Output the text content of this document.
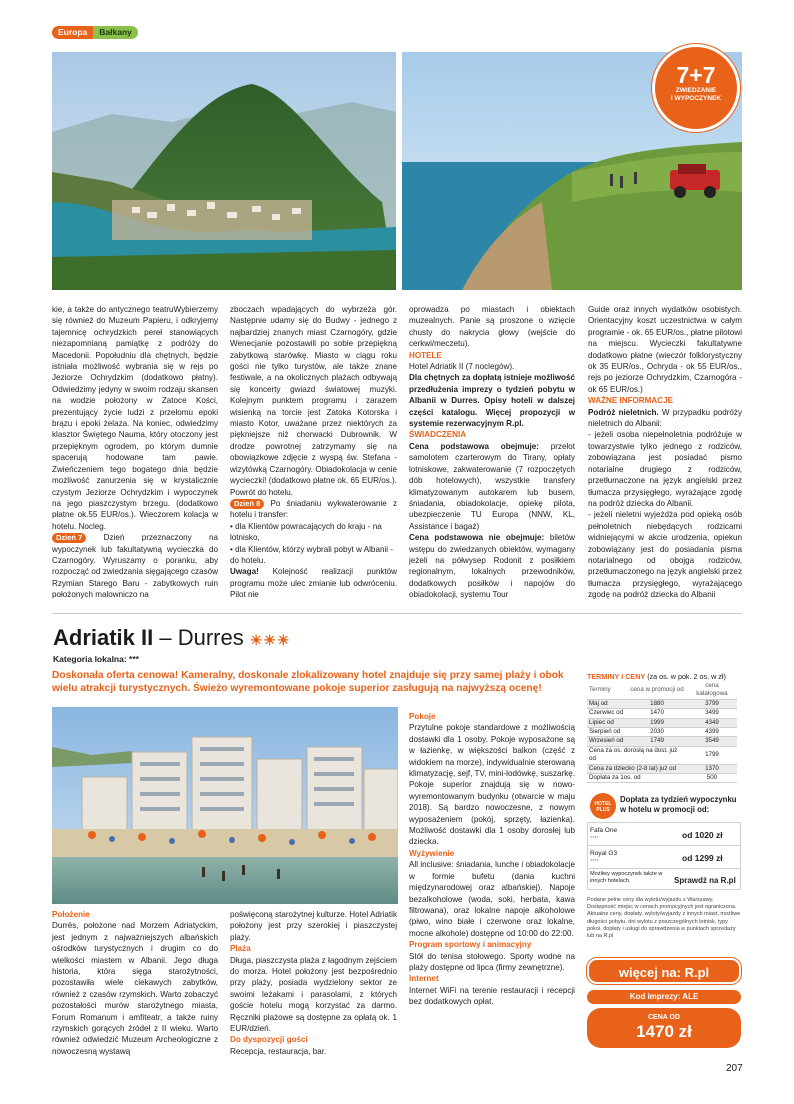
Europa	Bałkany
7+7
ZWIEDZANIE
I WYPOCZYNEK

kie, a także do antycznego teatruWybierzemy się również do Muzeum Papieru, i odkryjemy tajemnicę ochrydzkich pereł stanowiących niezapomnianą pamiątkę z podróży do Macedonii. Popołudniu dla chętnych, będzie istniała możliwość wybrania się w rejs po Jeziorze Ochrydzkim (dodatkowo płatny). Odwiedzimy jedyny w swoim rodzaju skansen na wodzie położony w Zatoce Kości, prezentujący życie ludzi z przełomu epoki brązu i epoki żelaza. Na koniec, odwiedzimy klasztor Świętego Nauma, który otoczony jest przepięknym ogrodem, po którym dumnie spacerują hodowane tam pawie. Zwieńczeniem tego bogatego dnia będzie możliwość zanurzenia się w krystalicznie czystym Jeziorze Ochrydzkim i wypoczynek na jego piaszczystym brzegu. (dodatkowo płatne ok.55 EUR/os.). Wieczorem kolacja w hotelu. Nocleg.

Dzień 7	Dzień przeznaczony na wypoczynek lub fakultatywną wycieczka do Czarnogóry. Wyruszamy o poranku, aby rozpocząć od zwiedzania sięgającego czasów Rzymian Starego Baru - zabytkowych ruin położonych malowniczo na

zboczach wpadających do wybrzeża gór. Następnie udamy się do Budwy - jednego z najbardziej znanych miast Czarnogóry, gdzie Wenecjanie pozostawili po sobie przepiękną zabytkową starówkę. Miasto w ciągu roku gości nie tylko turystów, ale także znane festiwale, a na okolicznych plażach odbywają się koncerty gwiazd światowej muzyki. Kolejnym punktem programu i zarazem wisienką na torcie jest Zatoka Kotorska i miasto Kotor, uważane przez niektórych za piękniejsze niż chorwacki Dubrownik. W drodze powrotnej zatrzymamy się na obowiązkowe zdjęcie z wyspą św. Stefana - wizytówką Czarnogóry. Obiadokolacja w cenie wycieczki! (dodatkowo płatne ok. 65 EUR/os.). Powrót do hotelu.

Dzień 8 Po śniadaniu wykwaterowanie z hotelu i transfer:

• dla Klientów powracających do kraju - na lotnisko,

• dla Klientów, którzy wybrali pobyt w Albanii - do hotelu.

Uwaga! Kolejność realizacji punktów programu może ulec zmianie lub odwróceniu. Pilot nie

oprowadza po miastach i obiektach muzealnych. Panie są proszone o wzięcie chusty do nakrycia głowy (wejście do cerkwi/meczetu).

HOTELE

Hotel Adriatik II (7 noclegów).

Dla chętnych za dopłatą istnieje możliwość przedłużenia imprezy o tydzień pobytu w Albanii w Durres. Opisy hoteli w dalszej części katalogu. Więcej propozycji w systemie rezerwacyjnym R.pl.

ŚWIADCZENIA

Cena podstawowa obejmuje: przelot samolotem czarterowym do Tirany, opłaty lotniskowe, zakwaterowanie (7 rozpoczętych dób hotelowych), wszystkie transfery klimatyzowanym autokarem lub busem, śniadania, obiadokolacje, opiekę pilota, ubezpieczenie TU Europa (NNW, KL, Assistance i bagaż)

Cena podstawowa nie obejmuje: biletów wstępu do zwiedzanych obiektów, wymagany jeżeli na półwysep Rodonit z posiłkiem regionalnym, lokalnych przewodników, dodatkowych posiłków i napojów do obiadokolacji, systemu Tour

Guide oraz innych wydatków osobistych. Orientacyjny koszt uczestnictwa w całym programie - ok. 65 EUR/os., płatne pilotowi na miejscu. Wycieczki fakultatywne dodatkowo płatne (wieczór folklorystyczny ok 35 EUR/os., Ochryda - ok 55 EUR/os., rejs po jeziorze Ochrydzkim, Czarnogóra - ok 65 EUR/os.)

WAŻNE INFORMACJE

Podróż nieletnich. W przypadku podróży nieletnich do Albanii:

- jeżeli osoba niepełnoletnia podróżuje w towarzystwie tylko jednego z rodziców, zobowiązana jest posiadać pismo notarialne drugiego z rodziców, przetłumaczone na język angielski przez tłumacza przysięgłego, wyrażające zgodę na podróż dziecka do Albanii.

- jeżeli nieletni wyjeżdża pod opieką osób pełnoletnich niebędących rodzicami widniejącymi w akcie urodzenia, opiekun zobowiązany jest do posiadania pisma notarialnego od obojga rodziców, przetłumaczonego na język angielski przez tłumacza przysięgłego, wyrażającego zgodę na podróż dziecka do Albanii

Adriatik II – Durres ☀☀☀
Kategoria lokalna: ***
Doskonała oferta cenowa! Kameralny, doskonale zlokalizowany hotel znajduje się przy samej plaży i obok wielu atrakcji turystycznych. Świeżo wyremontowane pokoje superior zasługują na najwyższą ocenę!

Położenie

Durrës, położone nad Morzem Adriatyckim, jest jednym z najważniejszych albańskich ośrodków turystycznych i drugim co do wielkości miastem w Albanii. Jego długa historia, która sięga starożytności, pozostawiła wiele ciekawych zabytków, również z czasów rzymskich. Warto zobaczyć pozostałości murów starożytnego miasta, Forum Romanum i amfiteatr, a także ruiny rzymskich gorących źródeł z II wieku. Warto również odwiedzić Muzeum Archeologiczne z nowoczesną wystawą

poświęconą starożytnej kulturze. Hotel Adriatik położony jest przy szerokiej i piaszczystej plaży.

Plaża

Długa, piaszczysta plaża z łagodnym zejściem do morza. Hotel położony jest bezpośrednio przy plaży, posiada wydzielony sektor ze swoimi leżakami i parasolami, z których goście hotelu mogą korzystać za darmo. Ręczniki plażowe są dostępne za opłatą ok. 1 EUR/dzień.

Do dyspozycji gości

Recepcja, restauracja, bar.

Pokoje

Przytulne pokoje standardowe z możliwością dostawki dla 1 osoby. Pokoje wyposażone są w łazienkę, w większości balkon (część z widokiem na morze), indywidualnie sterowaną klimatyzację, sejf, TV, mini-lodówkę, suszarkę. Pokoje superior znajdują się w nowo-wyremontowanym budynku (otwarcie w maju 2018). Są bardzo nowoczesne, z nowym wyposażeniem (pokój, sprzęty, łazienka). Możliwość dostawki dla 1 osoby dorosłej lub dziecka.

Wyżywienie

All inclusive: śniadania, lunche i obiadokolacje w formie bufetu (dania kuchni międzynarodowej oraz albańskiej). Napoje bezalkoholowe (woda, soki, herbata, kawa filtrowana), oraz lokalne napoje alkoholowe (piwo, wino białe i czerwone oraz lokalne, mocne alkohole) dostępne od 10:00 do 22:00.

Program sportowy i animacyjny

Stół do tenisa stołowego. Sporty wodne na plaży dostępne od lipca (firmy zewnętrzne).

Internet

Internet WiFi na terenie restauracji i recepcji bez dodatkowych opłat.

TERMINY I CENY (za os. w pok. 2 os. w zł)
Terminy	cena w promocji od	cena katalogowa
Maj od	1880	3799
Czerwiec od	1470	3499
Lipiec od	1999	4349
Sierpień od	2030	4399
Wrzesień od	1749	3549
Cena za os. dorosłą na dost. już od		1799
Cena za dziecko (2-8 lat) już od		1370
Dopłata za 1os. od		500
HOTEL PLUS
Dopłata za tydzień wypoczynku w hotelu w promocji od:
Fafa One
****	od 1020 zł
Royal G3
****	od 1299 zł
Możliwy wypoczynek także w innych hotelach.	Sprawdź na R.pl
Podane pełne ceny dla wylotu/wyjazdu z Warszawy. Dostępność miejsc w cenach promocyjnych jest ograniczona. Aktualne ceny, dopłaty, wyloty/wyjazdy z innych miast, możliwe długości pobytu, dni wylotu z poszczególnych lotnisk, typy pokoi, dopłaty i usługi do sprawdzenia w punktach sprzedaży lub na R.pl
więcej na: R.pl
Kod imprezy: ALE
CENA OD
1470 zł
207
